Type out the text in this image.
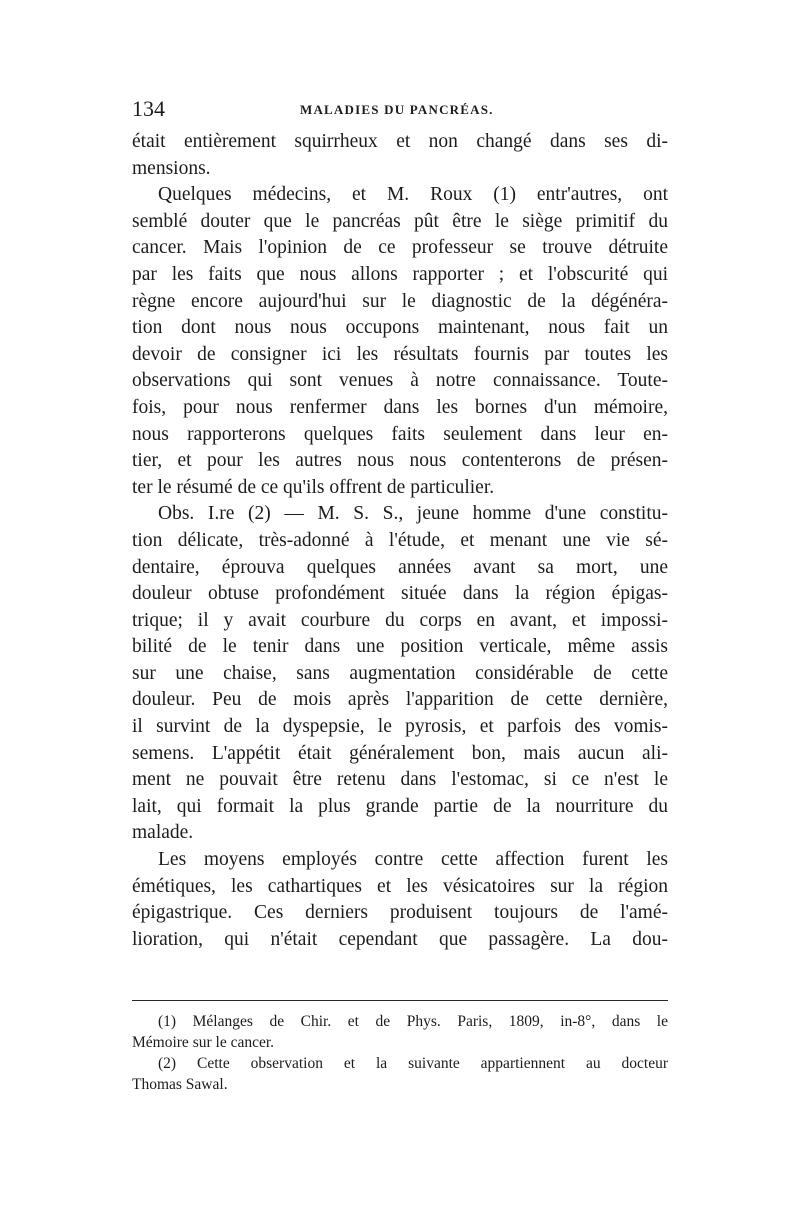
134	MALADIES DU PANCRÉAS.
était entièrement squirrheux et non changé dans ses di-
mensions.
Quelques médecins, et M. Roux (1) entr'autres, ont
semblé douter que le pancréas pût être le siège primitif du
cancer. Mais l'opinion de ce professeur se trouve détruite
par les faits que nous allons rapporter ; et l'obscurité qui
règne encore aujourd'hui sur le diagnostic de la dégénéra-
tion dont nous nous occupons maintenant, nous fait un
devoir de consigner ici les résultats fournis par toutes les
observations qui sont venues à notre connaissance. Toute-
fois, pour nous renfermer dans les bornes d'un mémoire,
nous rapporterons quelques faits seulement dans leur en-
tier, et pour les autres nous nous contenterons de présen-
ter le résumé de ce qu'ils offrent de particulier.
Obs. I.re (2) — M. S. S., jeune homme d'une constitu-
tion délicate, très-adonné à l'étude, et menant une vie sé-
dentaire, éprouva quelques années avant sa mort, une
douleur obtuse profondément située dans la région épigas-
trique; il y avait courbure du corps en avant, et impossi-
bilité de le tenir dans une position verticale, même assis
sur une chaise, sans augmentation considérable de cette
douleur. Peu de mois après l'apparition de cette dernière,
il survint de la dyspepsie, le pyrosis, et parfois des vomis-
semens. L'appétit était généralement bon, mais aucun ali-
ment ne pouvait être retenu dans l'estomac, si ce n'est le
lait, qui formait la plus grande partie de la nourriture du
malade.
Les moyens employés contre cette affection furent les
émétiques, les cathartiques et les vésicatoires sur la région
épigastrique. Ces derniers produisent toujours de l'amé-
lioration, qui n'était cependant que passagère. La dou-
(1) Mélanges de Chir. et de Phys. Paris, 1809, in-8°, dans le
Mémoire sur le cancer.
(2) Cette observation et la suivante appartiennent au docteur
Thomas Sawal.
